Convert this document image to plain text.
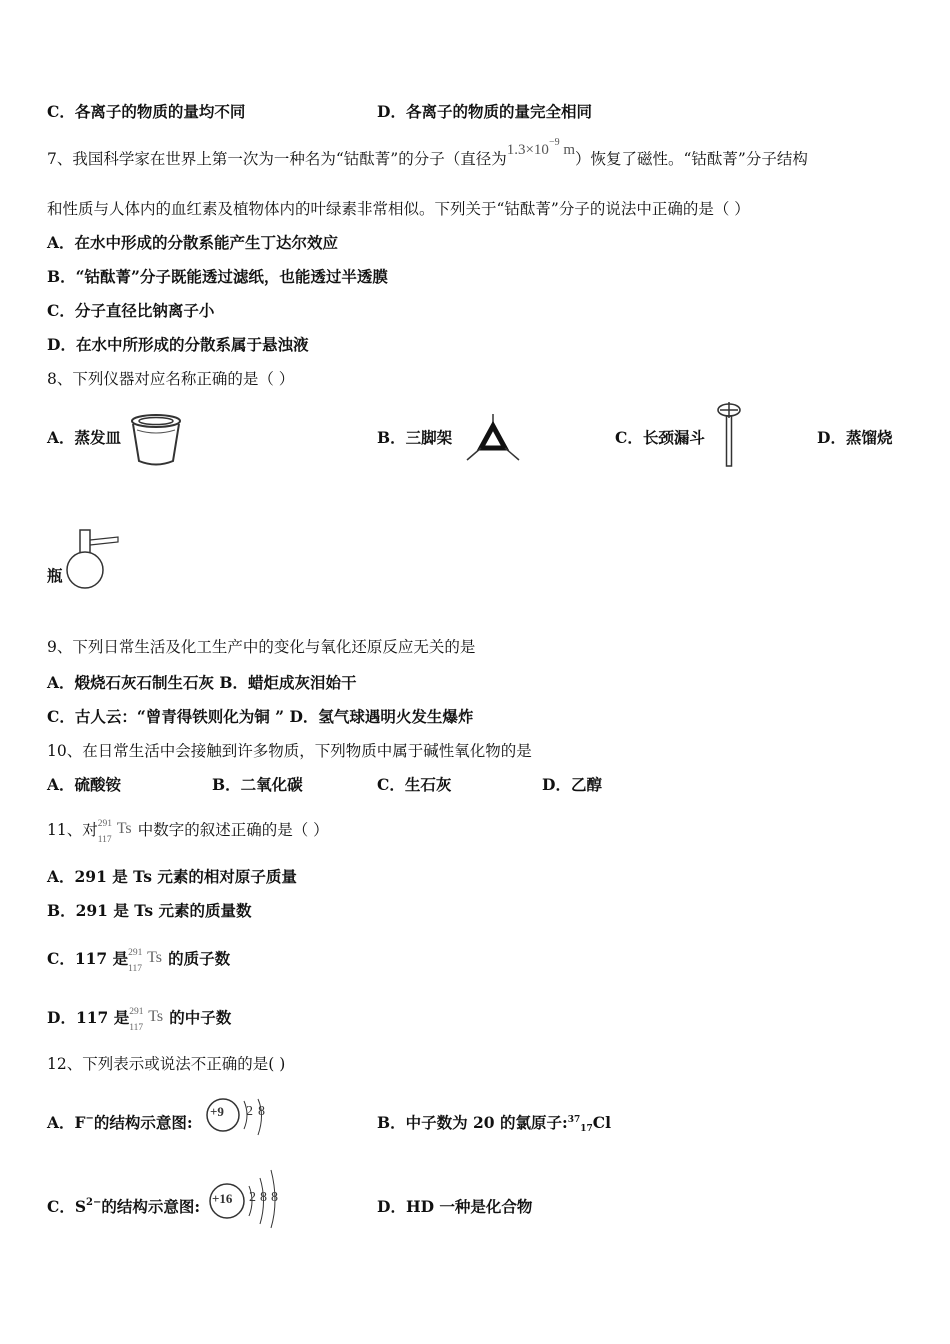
C．各离子的物质的量均不同	D．各离子的物质的量完全相同
7、我国科学家在世界上第一次为一种名为“钴酞菁”的分子（直径为$1.3\times 10^{-9}$ m）恢复了磁性。“钴酞菁”分子结构
和性质与人体内的血红素及植物体内的叶绿素非常相似。下列关于“钴酞菁”分子的说法中正确的是（ ）
A．在水中形成的分散系能产生丁达尔效应
B．“钴酞菁”分子既能透过滤纸，也能透过半透膜
C．分子直径比钠离子小
D．在水中所形成的分散系属于悬浊液
8、下列仪器对应名称正确的是（ ）
A．蒸发皿	B．三脚架	C．长颈漏斗	D．蒸馏烧
瓶
9、下列日常生活及化工生产中的变化与氧化还原反应无关的是
A．煅烧石灰石制生石灰 B．蜡炬成灰泪始干
C．古人云：“曾青得铁则化为铜 ” D．氢气球遇明火发生爆炸
10、在日常生活中会接触到许多物质，下列物质中属于碱性氧化物的是
A．硫酸铵	B．二氧化碳	C．生石灰	D．乙醇
11、对 291
117
Ts 中数字的叙述正确的是（ ）
A．291 是 Ts 元素的相对原子质量
B．291 是 Ts 元素的质量数
C．117 是 291
117
Ts 的质子数
D．117 是 291
117
Ts 的中子数
12、下列表示或说法不正确的是( )
A．F−的结构示意图:
+9 2 8
B．中子数为 20 的氯原子:$^{37}$17Cl
C．$S^{2-}$的结构示意图: +16 2 8 8	D．HD 一种是化合物
